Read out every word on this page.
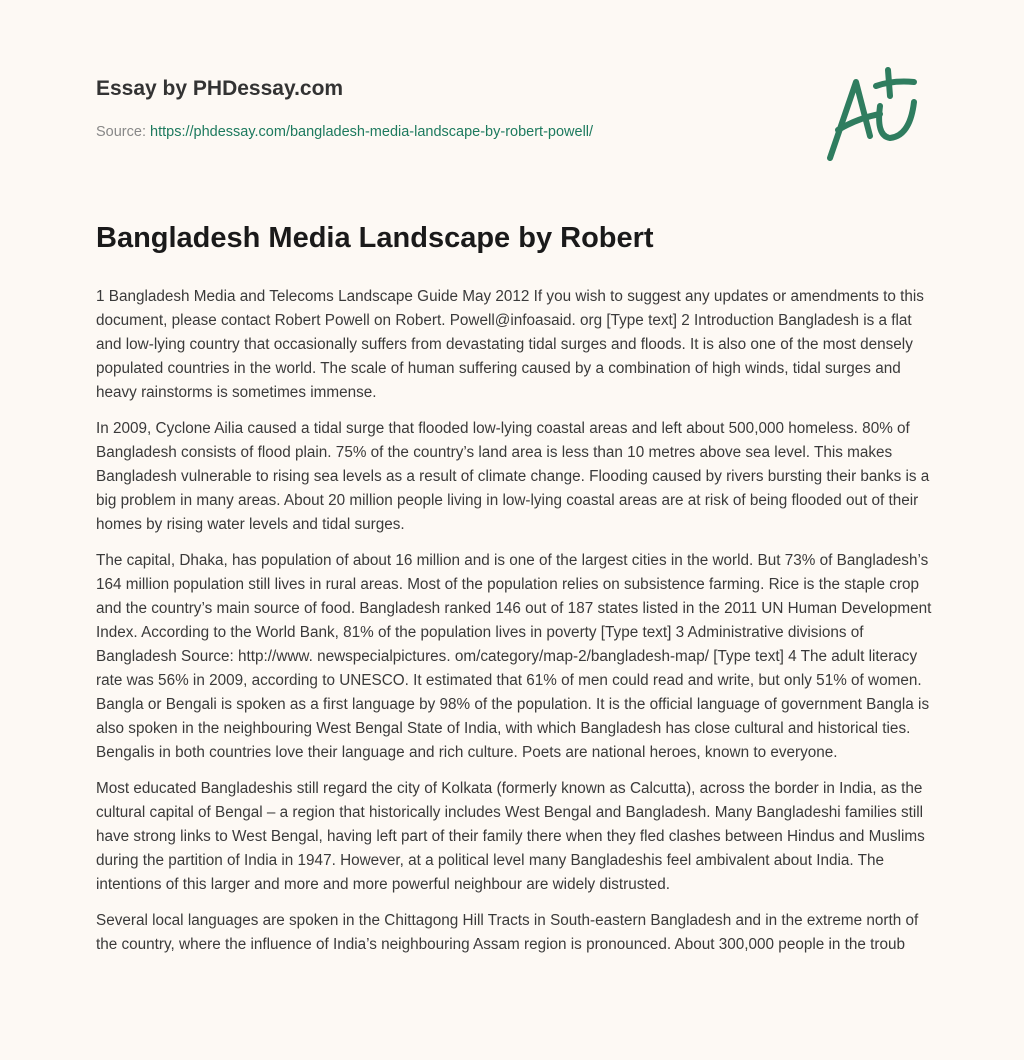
Essay by PHDessay.com
Source: https://phdessay.com/bangladesh-media-landscape-by-robert-powell/
Bangladesh Media Landscape by Robert

1 Bangladesh Media and Telecoms Landscape Guide May 2012 If you wish to suggest any updates or amendments to this document, please contact Robert Powell on Robert. Powell@infoasaid. org [Type text] 2 Introduction Bangladesh is a flat and low-lying country that occasionally suffers from devastating tidal surges and floods. It is also one of the most densely populated countries in the world. The scale of human suffering caused by a combination of high winds, tidal surges and heavy rainstorms is sometimes immense.

In 2009, Cyclone Ailia caused a tidal surge that flooded low-lying coastal areas and left about 500,000 homeless. 80% of Bangladesh consists of flood plain. 75% of the country’s land area is less than 10 metres above sea level. This makes Bangladesh vulnerable to rising sea levels as a result of climate change. Flooding caused by rivers bursting their banks is a big problem in many areas. About 20 million people living in low-lying coastal areas are at risk of being flooded out of their homes by rising water levels and tidal surges.

The capital, Dhaka, has population of about 16 million and is one of the largest cities in the world. But 73% of Bangladesh’s 164 million population still lives in rural areas. Most of the population relies on subsistence farming. Rice is the staple crop and the country’s main source of food. Bangladesh ranked 146 out of 187 states listed in the 2011 UN Human Development Index. According to the World Bank, 81% of the population lives in poverty [Type text] 3 Administrative divisions of Bangladesh Source: http://www. newspecialpictures. om/category/map-2/bangladesh-map/ [Type text] 4 The adult literacy rate was 56% in 2009, according to UNESCO. It estimated that 61% of men could read and write, but only 51% of women. Bangla or Bengali is spoken as a first language by 98% of the population. It is the official language of government Bangla is also spoken in the neighbouring West Bengal State of India, with which Bangladesh has close cultural and historical ties. Bengalis in both countries love their language and rich culture. Poets are national heroes, known to everyone.

Most educated Bangladeshis still regard the city of Kolkata (formerly known as Calcutta), across the border in India, as the cultural capital of Bengal – a region that historically includes West Bengal and Bangladesh. Many Bangladeshi families still have strong links to West Bengal, having left part of their family there when they fled clashes between Hindus and Muslims during the partition of India in 1947. However, at a political level many Bangladeshis feel ambivalent about India. The intentions of this larger and more and more powerful neighbour are widely distrusted.

Several local languages are spoken in the Chittagong Hill Tracts in South-eastern Bangladesh and in the extreme north of the country, where the influence of India’s neighbouring Assam region is pronounced. About 300,000 people in the troub
